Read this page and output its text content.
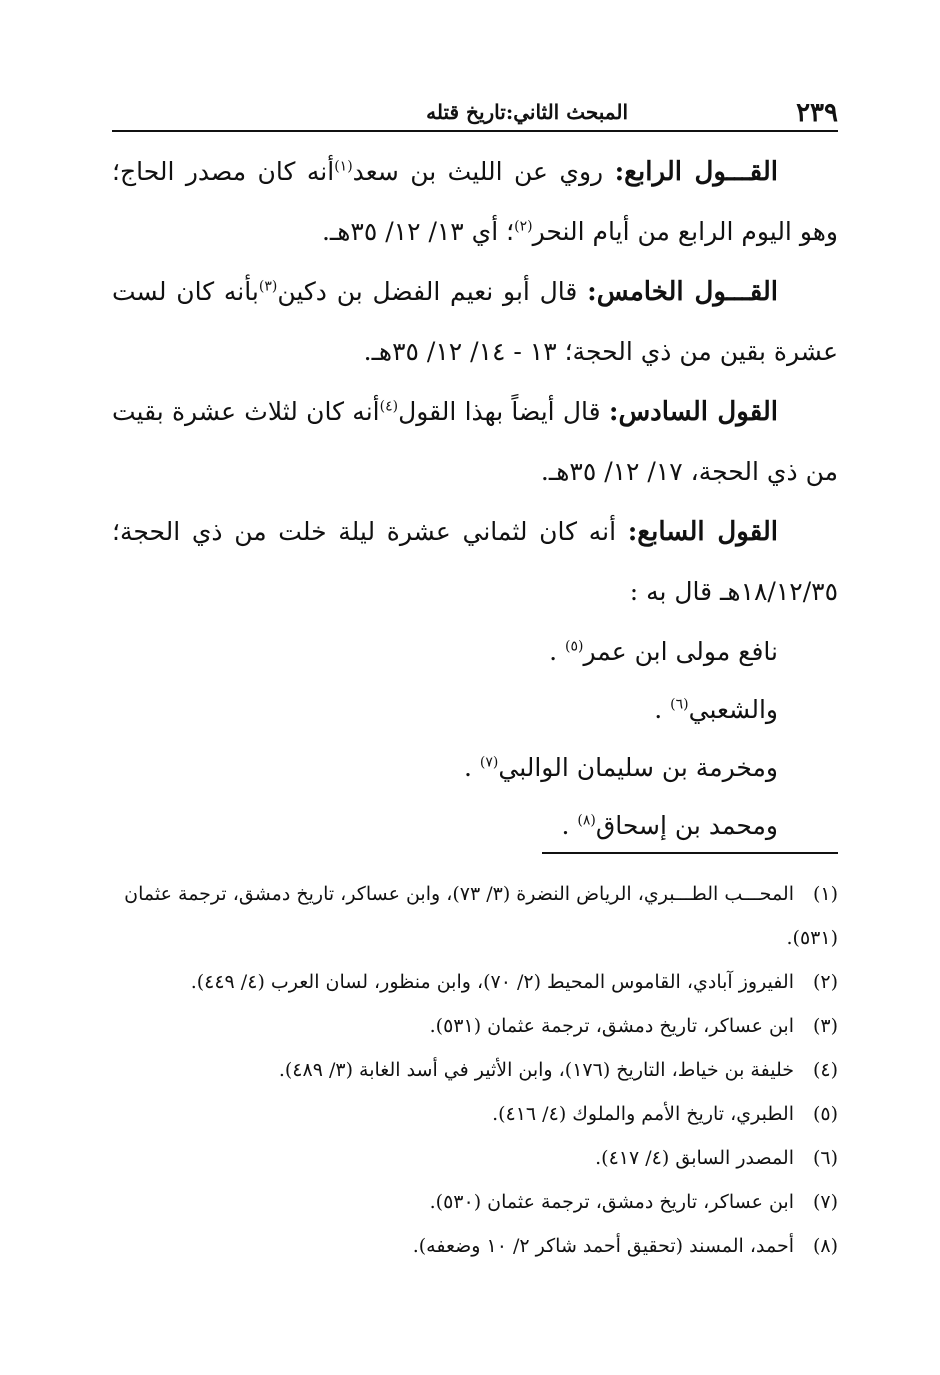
٢٣٩
المبحث الثاني:تاريخ قتله

القـــول الرابع: روي عن الليث بن سعد$^{(١)}$أنه كان مصدر الحاج؛ وهو اليوم الرابع من أيام النحر$^{(٢)}$؛ أي ١٣/ ١٢/ ٣٥هـ.

القـــول الخامس: قال أبو نعيم الفضل بن دكين$^{(٣)}$بأنه كان لست عشرة بقين من ذي الحجة؛ ١٣ - ١٤/ ١٢/ ٣٥هـ.

القول السادس: قال أيضاً بهذا القول$^{(٤)}$أنه كان لثلاث عشرة بقيت من ذي الحجة، ١٧/ ١٢/ ٣٥هـ.

القول السابع: أنه كان لثماني عشرة ليلة خلت من ذي الحجة؛ ١٨/١٢/٣٥هـ قال به :

نافع مولى ابن عمر$^{(٥)}$ .
والشعبي$^{(٦)}$ .
ومخرمة بن سليمان الوالبي$^{(٧)}$ .
ومحمد بن إسحاق$^{(٨)}$ .
(١)المحـــب الطـــبري، الرياض النضرة (٣/ ٧٣)، وابن عساكر، تاريخ دمشق، ترجمة عثمان (٥٣١).
(٢)الفيروز آبادي، القاموس المحيط (٢/ ٧٠)، وابن منظور، لسان العرب (٤/ ٤٤٩).
(٣)ابن عساكر، تاريخ دمشق، ترجمة عثمان (٥٣١).
(٤)خليفة بن خياط، التاريخ (١٧٦)، وابن الأثير في أسد الغابة (٣/ ٤٨٩).
(٥)الطبري، تاريخ الأمم والملوك (٤/ ٤١٦).
(٦)المصدر السابق (٤/ ٤١٧).
(٧)ابن عساكر، تاريخ دمشق، ترجمة عثمان (٥٣٠).
(٨)أحمد، المسند (تحقيق أحمد شاكر ٢/ ١٠ وضعفه).
